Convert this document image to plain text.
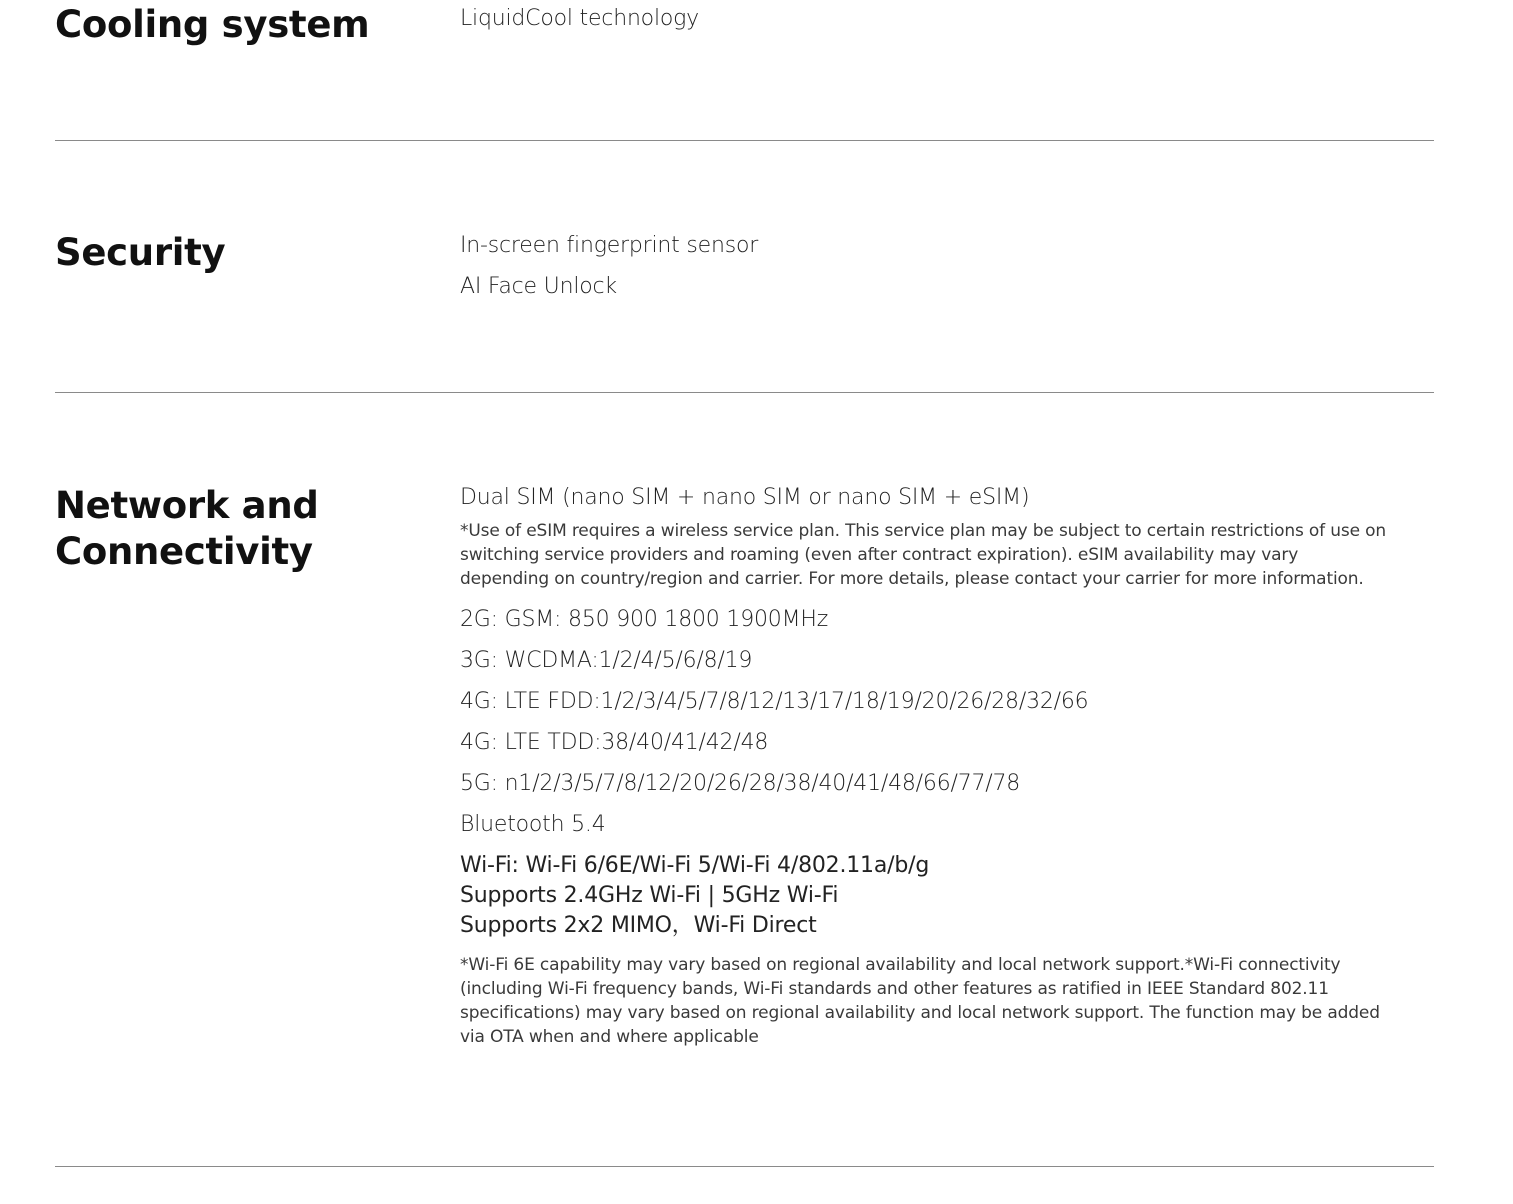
Cooling system	LiquidCool technology

Security	In-screen fingerprint sensor

AI Face Unlock

Network and
Connectivity

Dual SIM (nano SIM + nano SIM or nano SIM + eSIM)

*Use of eSIM requires a wireless service plan. This service plan may be subject to certain restrictions of use on switching service providers and roaming (even after contract expiration). eSIM availability may vary depending on country/region and carrier. For more details, please contact your carrier for more information.

2G: GSM: 850 900 1800 1900MHz

3G: WCDMA:1/2/4/5/6/8/19

4G: LTE FDD:1/2/3/4/5/7/8/12/13/17/18/19/20/26/28/32/66

4G: LTE TDD:38/40/41/42/48

5G: n1/2/3/5/7/8/12/20/26/28/38/40/41/48/66/77/78

Bluetooth 5.4

Wi-Fi: Wi-Fi 6/6E/Wi-Fi 5/Wi-Fi 4/802.11a/b/g
Supports 2.4GHz Wi-Fi | 5GHz Wi-Fi
Supports 2x2 MIMO，Wi-Fi Direct

*Wi-Fi 6E capability may vary based on regional availability and local network support.*Wi-Fi connectivity (including Wi-Fi frequency bands, Wi-Fi standards and other features as ratified in IEEE Standard 802.11 specifications) may vary based on regional availability and local network support. The function may be added via OTA when and where applicable
